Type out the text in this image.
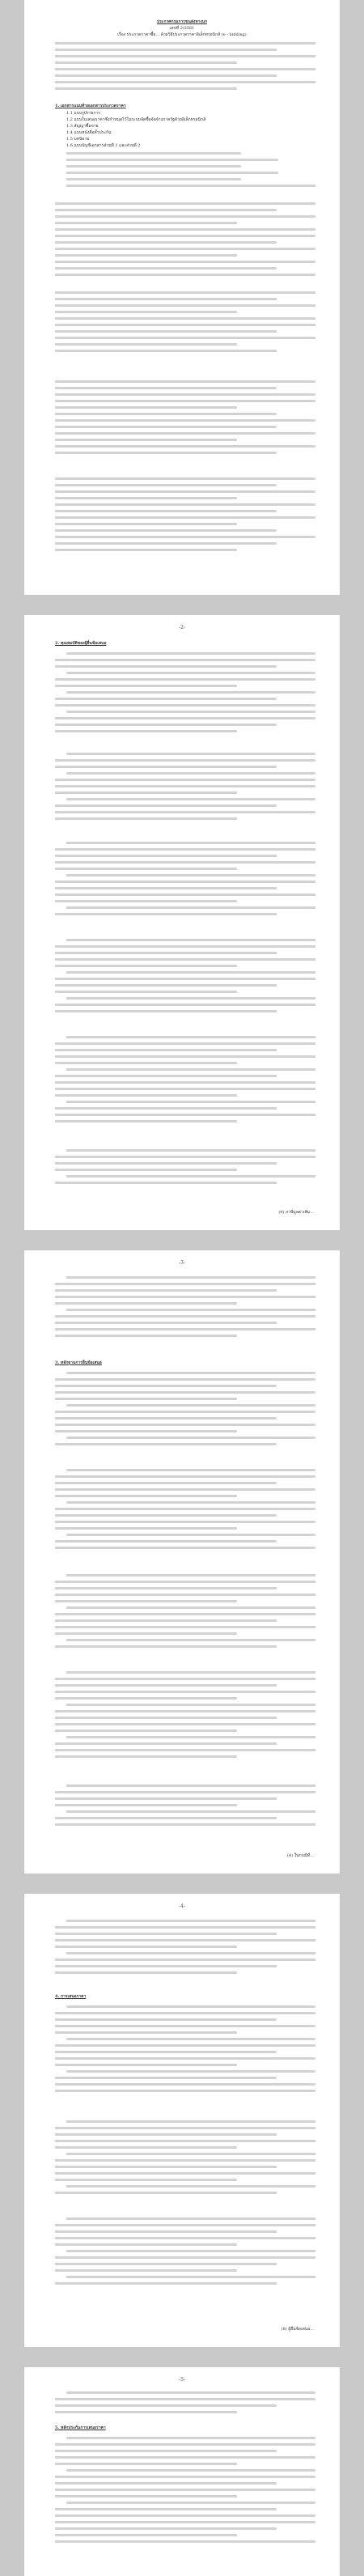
ประกาศกรมการขนส่งทางบก
เลขที่ 2/2561
เรื่อง ประกวดราคาซื้อ... ด้วยวิธีประกวดราคาอิเล็กทรอนิกส์ (e - bidding)
1. เอกสารแนบท้ายเอกสารประกวดราคา
1.1 แบบรูปรายการ
1.2 แบบใบเสนอราคาซึ่งกำหนดไว้ในระบบจัดซื้อจัดจ้างภาครัฐด้วยอิเล็กทรอนิกส์
1.3 สัญญาซื้อขาย
1.4 แบบหนังสือค้ำประกัน
1.5 บทนิยาม
1.6 แบบบัญชีเอกสารส่วนที่ 1 และส่วนที่ 2
-2-
2. คุณสมบัติของผู้ยื่นข้อเสนอ
(4) ภาษีมูลค่าเพิ่ม...
-3-
3. หลักฐานการยื่นข้อเสนอ
(4) ในกรณีที่...
-4-
4. การเสนอราคา
(8) ผู้ยื่นข้อเสนอ...
-5-
5. หลักประกันการเสนอราคา
